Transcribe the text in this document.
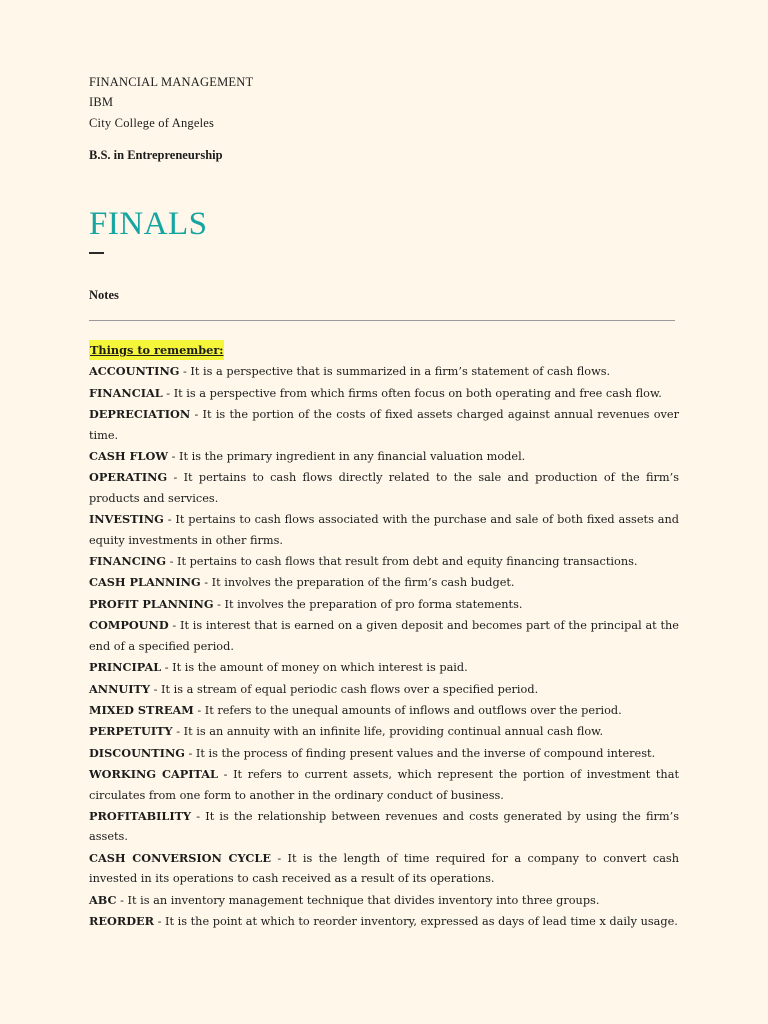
FINANCIAL MANAGEMENT
IBM
City College of Angeles
B.S. in Entrepreneurship
FINALS
Notes
Things to remember:
ACCOUNTING - It is a perspective that is summarized in a firm’s statement of cash flows.
FINANCIAL - It is a perspective from which firms often focus on both operating and free cash flow.
DEPRECIATION - It is the portion of the costs of fixed assets charged against annual revenues over time.
CASH FLOW - It is the primary ingredient in any financial valuation model.
OPERATING - It pertains to cash flows directly related to the sale and production of the firm’s products and services.
INVESTING - It pertains to cash flows associated with the purchase and sale of both fixed assets and equity investments in other firms.
FINANCING - It pertains to cash flows that result from debt and equity financing transactions.
CASH PLANNING - It involves the preparation of the firm’s cash budget.
PROFIT PLANNING - It involves the preparation of pro forma statements.
COMPOUND - It is interest that is earned on a given deposit and becomes part of the principal at the end of a specified period.
PRINCIPAL - It is the amount of money on which interest is paid.
ANNUITY - It is a stream of equal periodic cash flows over a specified period.
MIXED STREAM - It refers to the unequal amounts of inflows and outflows over the period.
PERPETUITY - It is an annuity with an infinite life, providing continual annual cash flow.
DISCOUNTING - It is the process of finding present values and the inverse of compound interest.
WORKING CAPITAL - It refers to current assets, which represent the portion of investment that circulates from one form to another in the ordinary conduct of business.
PROFITABILITY - It is the relationship between revenues and costs generated by using the firm’s assets.
CASH CONVERSION CYCLE - It is the length of time required for a company to convert cash invested in its operations to cash received as a result of its operations.
ABC - It is an inventory management technique that divides inventory into three groups.
REORDER - It is the point at which to reorder inventory, expressed as days of lead time x daily usage.
